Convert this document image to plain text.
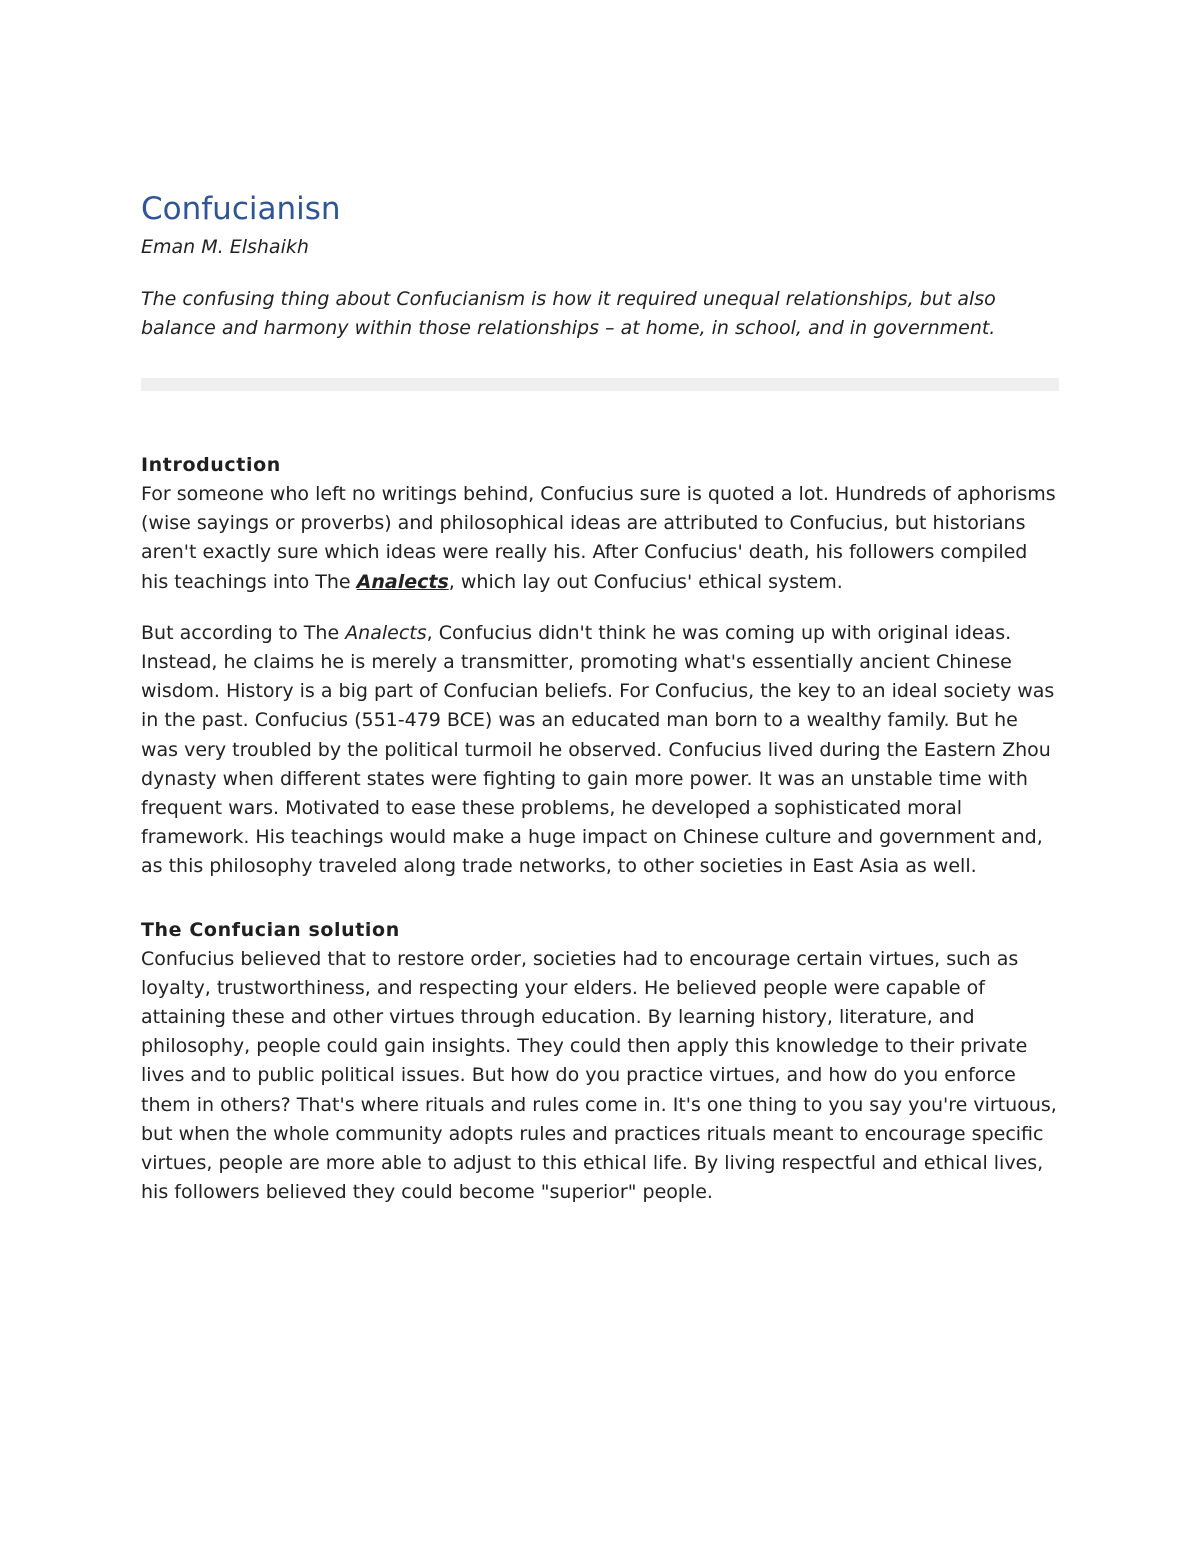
Confucianisn

Eman M. Elshaikh

The confusing thing about Confucianism is how it required unequal relationships, but also balance and harmony within those relationships – at home, in school, and in government.

Introduction

For someone who left no writings behind, Confucius sure is quoted a lot. Hundreds of aphorisms (wise sayings or proverbs) and philosophical ideas are attributed to Confucius, but historians aren't exactly sure which ideas were really his. After Confucius' death, his followers compiled his teachings into The Analects, which lay out Confucius' ethical system.

But according to The Analects, Confucius didn't think he was coming up with original ideas. Instead, he claims he is merely a transmitter, promoting what's essentially ancient Chinese wisdom. History is a big part of Confucian beliefs. For Confucius, the key to an ideal society was in the past. Confucius (551-479 BCE) was an educated man born to a wealthy family. But he was very troubled by the political turmoil he observed. Confucius lived during the Eastern Zhou dynasty when different states were fighting to gain more power. It was an unstable time with frequent wars. Motivated to ease these problems, he developed a sophisticated moral framework. His teachings would make a huge impact on Chinese culture and government and, as this philosophy traveled along trade networks, to other societies in East Asia as well.

The Confucian solution

Confucius believed that to restore order, societies had to encourage certain virtues, such as loyalty, trustworthiness, and respecting your elders. He believed people were capable of attaining these and other virtues through education. By learning history, literature, and philosophy, people could gain insights. They could then apply this knowledge to their private lives and to public political issues. But how do you practice virtues, and how do you enforce them in others? That's where rituals and rules come in. It's one thing to you say you're virtuous, but when the whole community adopts rules and practices rituals meant to encourage specific virtues, people are more able to adjust to this ethical life. By living respectful and ethical lives, his followers believed they could become "superior" people.
